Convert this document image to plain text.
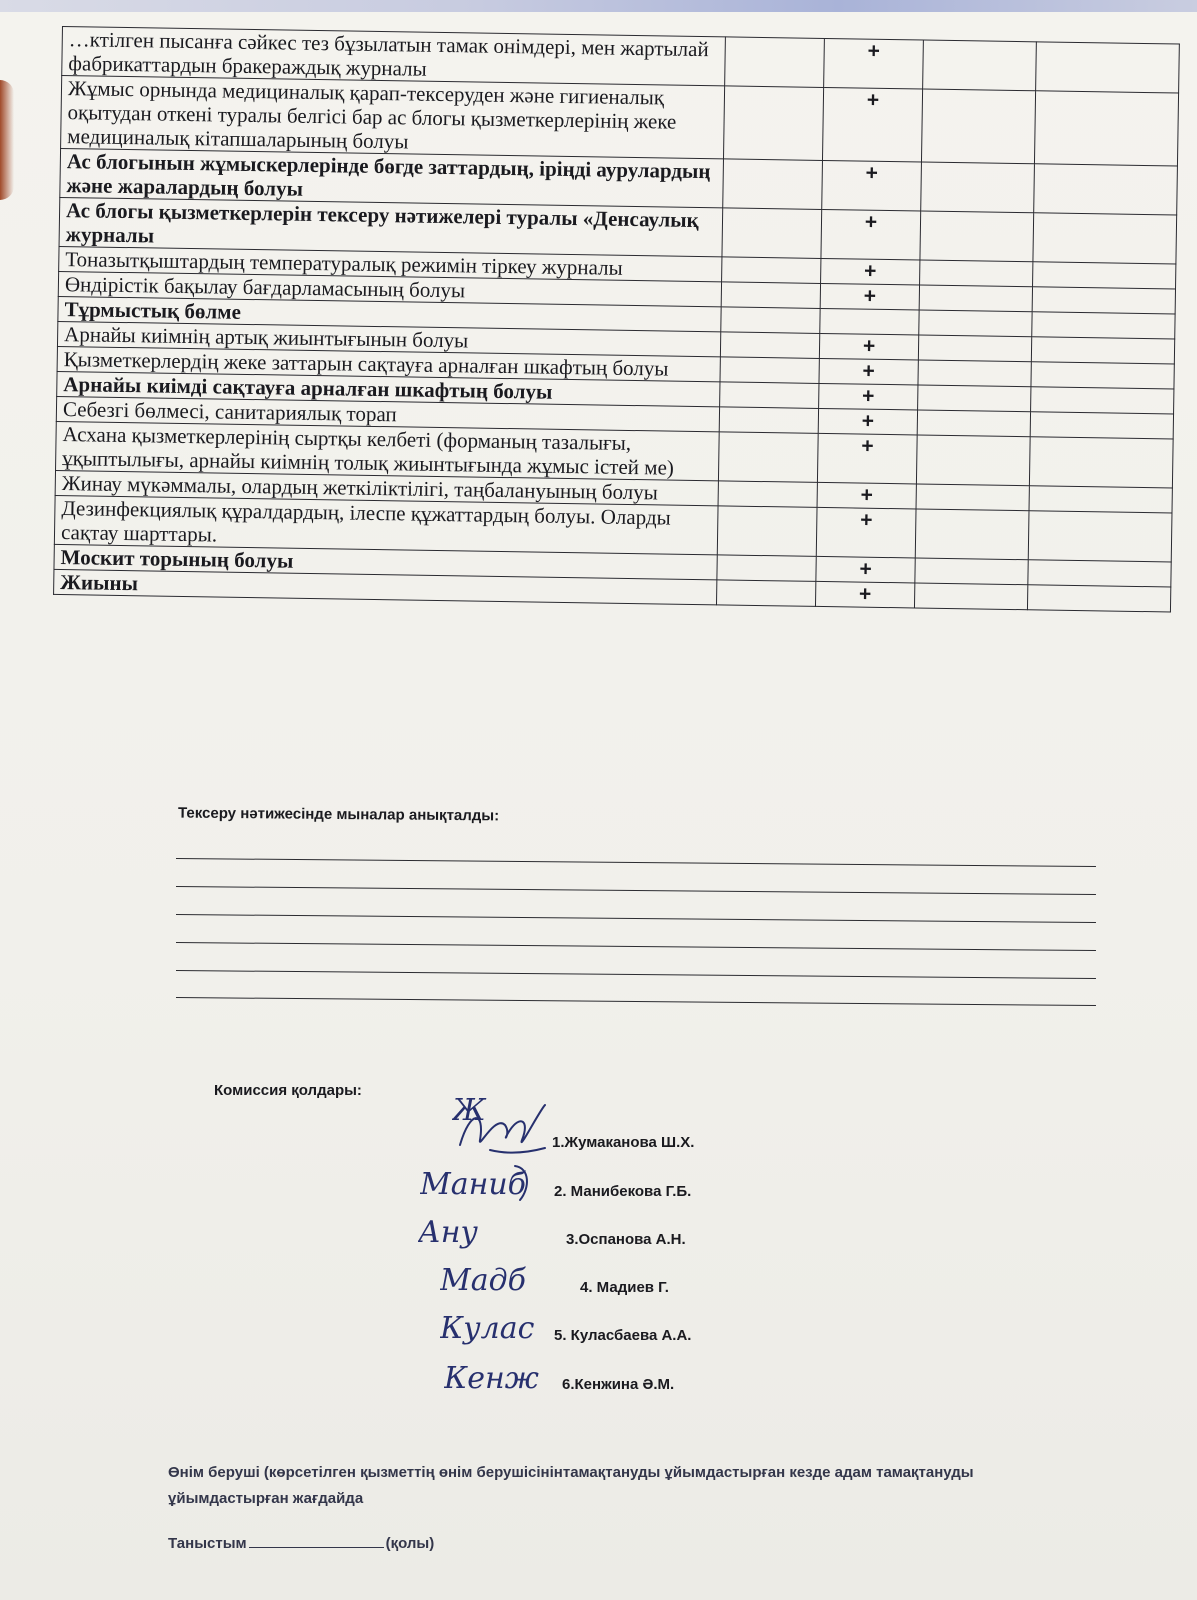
…ктілген пысанға сәйкес тез бұзылатын тамак онімдері, мен жартылай фабрикаттардын бракераждық журналы		+		
Жұмыс орнында медициналық қарап-тексеруден және гигиеналық оқытудан откені туралы белгісі бар ас блогы қызметкерлерінің жеке медициналық кітапшаларының болуы		+		
Ас блогынын жұмыскерлерінде бөгде заттардың, іріңді аурулардың және жаралардың болуы		+		
Ас блогы қызметкерлерін тексеру нәтижелері туралы «Денсаулық журналы		+		
Тоназытқыштардың температуралық режимін тіркеу журналы		+		
Өндірістік бақылау бағдарламасының болуы		+		
Тұрмыстық бөлме				
Арнайы киімнің артық жиынтығынын болуы		+		
Қызметкерлердің жеке заттарын сақтауға арналған шкафтың болуы		+		
Арнайы киімді сақтауға арналған шкафтың болуы		+		
Себезгі бөлмесі, санитариялық торап		+		
Асхана қызметкерлерінің сыртқы келбеті (форманың тазалығы, ұқыптылығы, арнайы киімнің толық жиынтығында жұмыс істей ме)		+		
Жинау мүкәммалы, олардың жеткіліктілігі, таңбалануының болуы		+		
Дезинфекциялық құралдардың, ілеспе құжаттардың болуы. Оларды сақтау шарттары.		+		
Москит торының болуы		+		
Жиыны		+		
Тексеру нәтижесінде мыналар анықталды:
Комиссия қолдары:
Маниб
Ану
Мадб
Кулас
Кенж
Ж
1.Жумаканова Ш.Х.
2. Манибекова Г.Б.
3.Оспанова А.Н.
4. Мадиев Г.
5. Куласбаева А.А.
6.Кенжина Ә.М.
Өнім беруші (көрсетілген қызметтің өнім берушісінінтамақтануды ұйымдастырған кезде адам тамақтануды ұйымдастырған жағдайда
Таныстым	(қолы)
